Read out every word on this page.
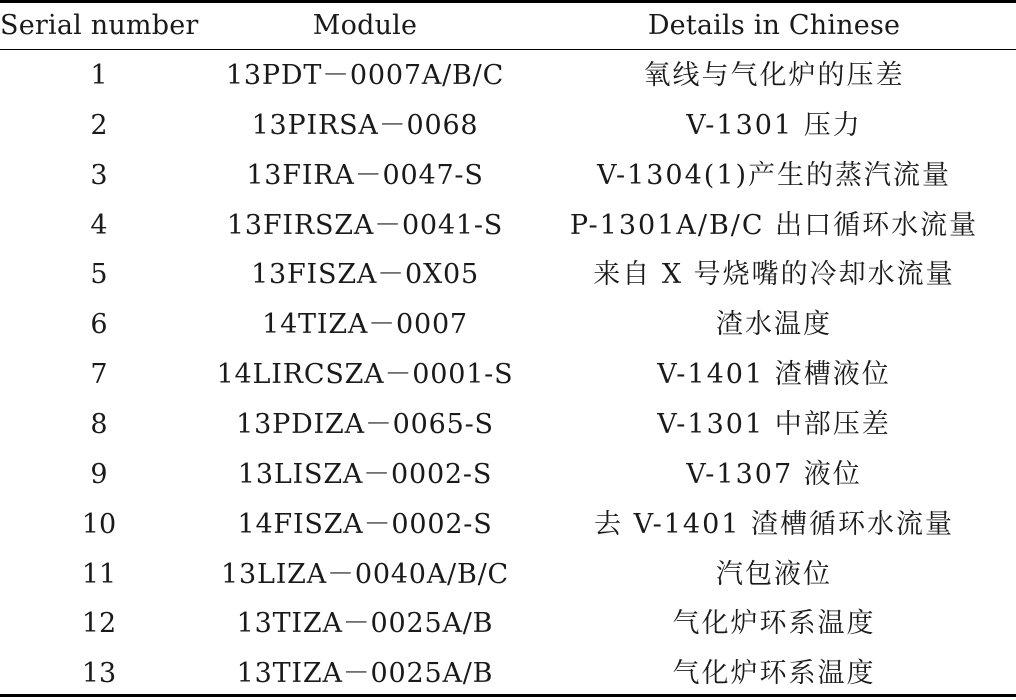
Serial number	Module	Details in Chinese
1	13PDT－0007A/B/C	氧线与气化炉的压差
2	13PIRSA－0068	V-1301 压力
3	13FIRA－0047-S	V-1304(1)产生的蒸汽流量
4	13FIRSZA－0041-S	P-1301A/B/C 出口循环水流量
5	13FISZA－0X05	来自 X 号烧嘴的冷却水流量
6	14TIZA－0007	渣水温度
7	14LIRCSZA－0001-S	V-1401 渣槽液位
8	13PDIZA－0065-S	V-1301 中部压差
9	13LISZA－0002-S	V-1307 液位
10	14FISZA－0002-S	去 V-1401 渣槽循环水流量
11	13LIZA－0040A/B/C	汽包液位
12	13TIZA－0025A/B	气化炉环系温度
13	13TIZA－0025A/B	气化炉环系温度
